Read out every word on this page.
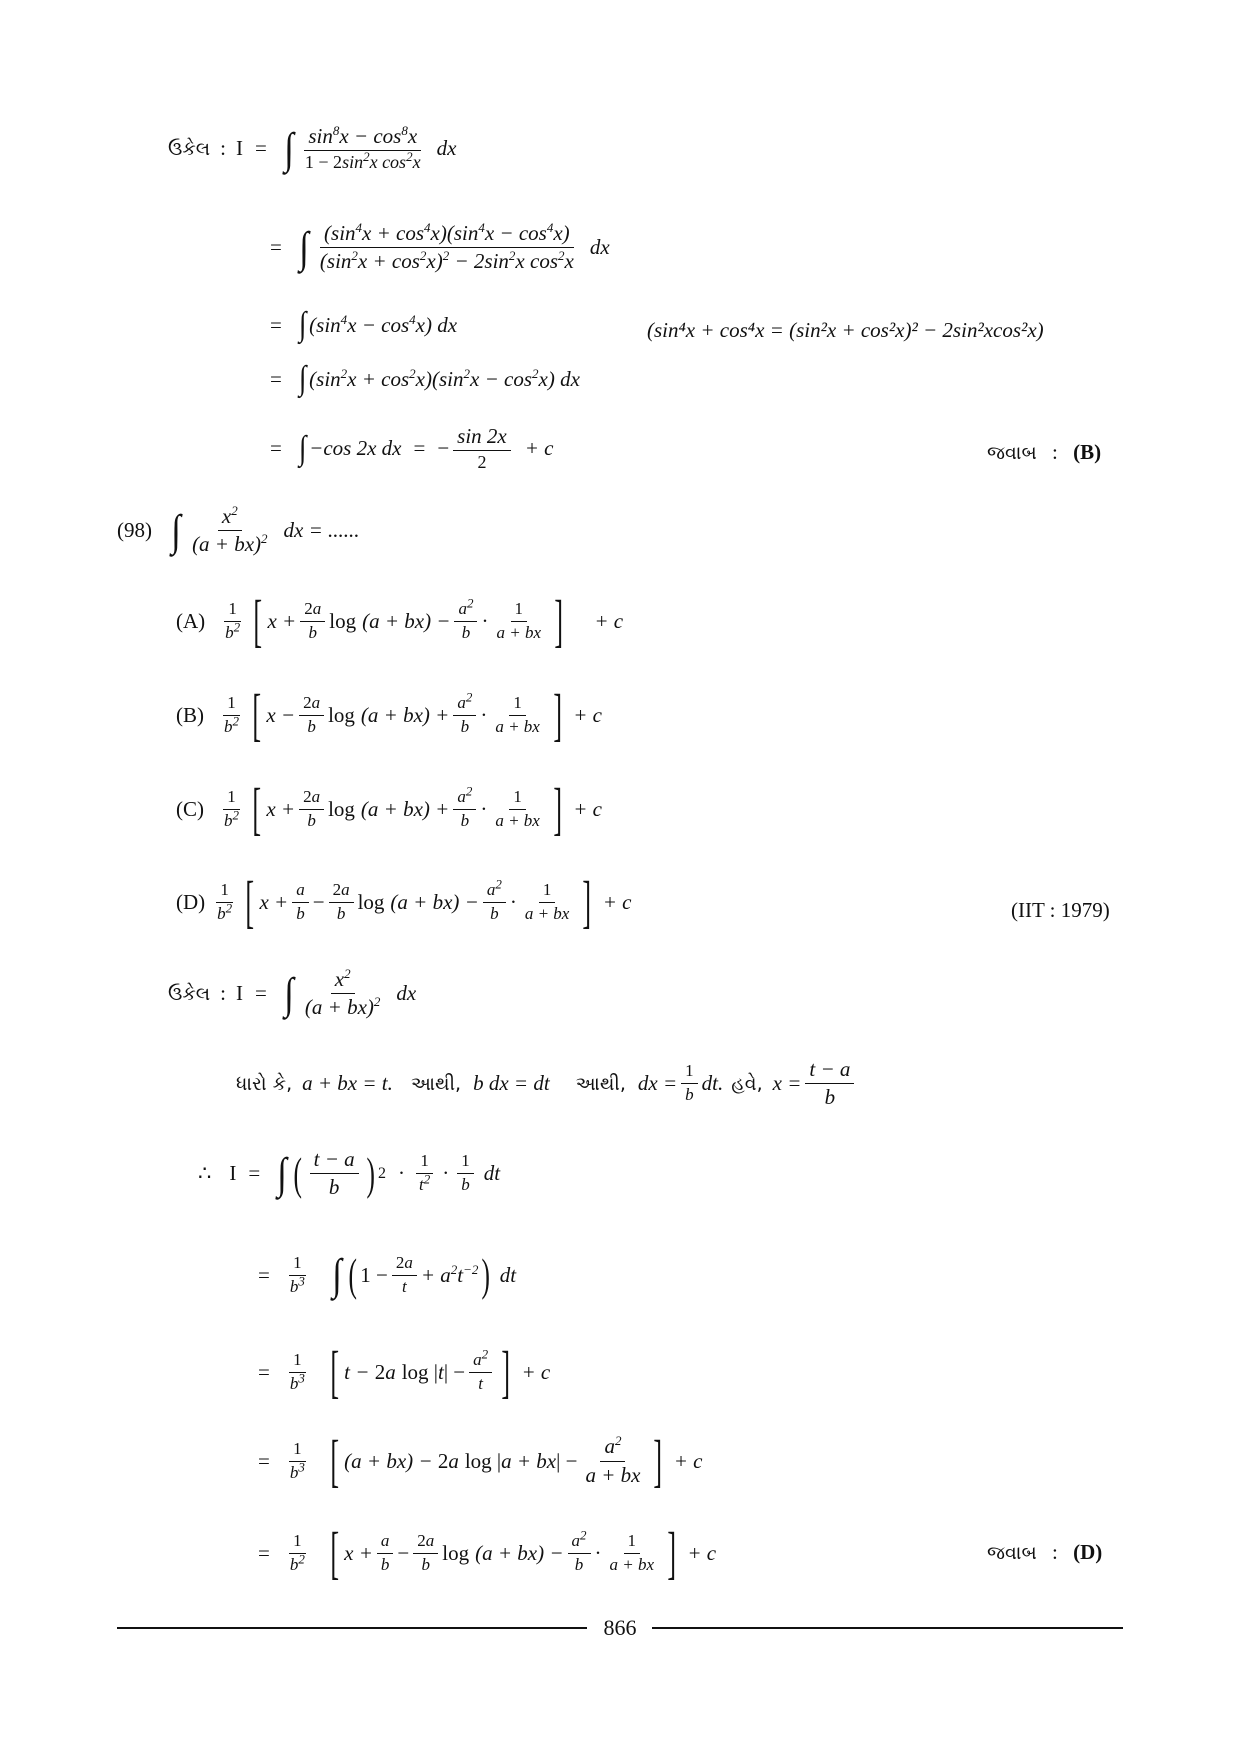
ઉકેલ : I = ∫ $\frac{\sin^8x - \cos^8x}{1 - 2\sin^2x \cos^2x}$ dx
= ∫ $\frac{(\sin^4x + \cos^4x)(\sin^4x - \cos^4x)}{(\sin^2x + \cos^2x)^2 - 2\sin^2x \cos^2x}$ dx
= ∫ $(\sin^4x - \cos^4x)$ dx	(sin⁴x + cos⁴x = (sin²x + cos²x)² − 2sin²xcos²x)
= ∫ $(\sin^2x + \cos^2x)(\sin^2x - \cos^2x)$ dx
= ∫ −cos 2x dx = − $\frac{\sin 2x}{2} + c$	જવાબ : (B)
(98) ∫ $\frac{x^2}{(a + bx)^2}$ dx = ......
$(A) \frac{1}{b^2}$ [ $x + \frac{2a}{b}$ $\log (a + bx) - \frac{a^2}{b} \cdot \frac{1}{a + bx}$ ] + c
$(B) \frac{1}{b^2}$ [ $x - \frac{2a}{b}$ $\log (a + bx) + \frac{a^2}{b} \cdot \frac{1}{a + bx}$ ] + c
$(C) \frac{1}{b^2}$ [ $x + \frac{2a}{b}$ $\log (a + bx) + \frac{a^2}{b} \cdot \frac{1}{a + bx}$ ] + c
$(D) \frac{1}{b^2}$ [ $x + \frac{a}{b} - \frac{2a}{b}$ $\log (a + bx) - \frac{a^2}{b} \cdot \frac{1}{a + bx}$ ] + c	(IIT : 1979)
ઉકેલ : I = ∫ $\frac{x^2}{(a + bx)^2}$ dx
ધારો કે, a + bx = t. આથી, b dx = dt આથી, dx = $\frac{1}{b}$ dt. હવે, $x = \frac{t - a}{b}$
∴ I = ∫ ( $\frac{t - a}{b}$ ) $2 \cdot \frac{1}{t^2} \cdot \frac{1}{b}$ dt
= $\frac{1}{b^3}$ ∫ ( $1 - \frac{2a}{t} + a^2t^{-2}$ ) dt
= $\frac{1}{b^3}$ [ t − 2a log | t | − $\frac{a^2}{t}$ ] + c
= $\frac{1}{b^3}$ [ (a + bx) − 2a log | a + bx | − $\frac{a^2}{a + bx}$ ] + c
= $\frac{1}{b^2}$ [ $x + \frac{a}{b} - \frac{2a}{b}$ $\log (a + bx) - \frac{a^2}{b} \cdot \frac{1}{a + bx}$ ] + c	જવાબ : (D)
866
